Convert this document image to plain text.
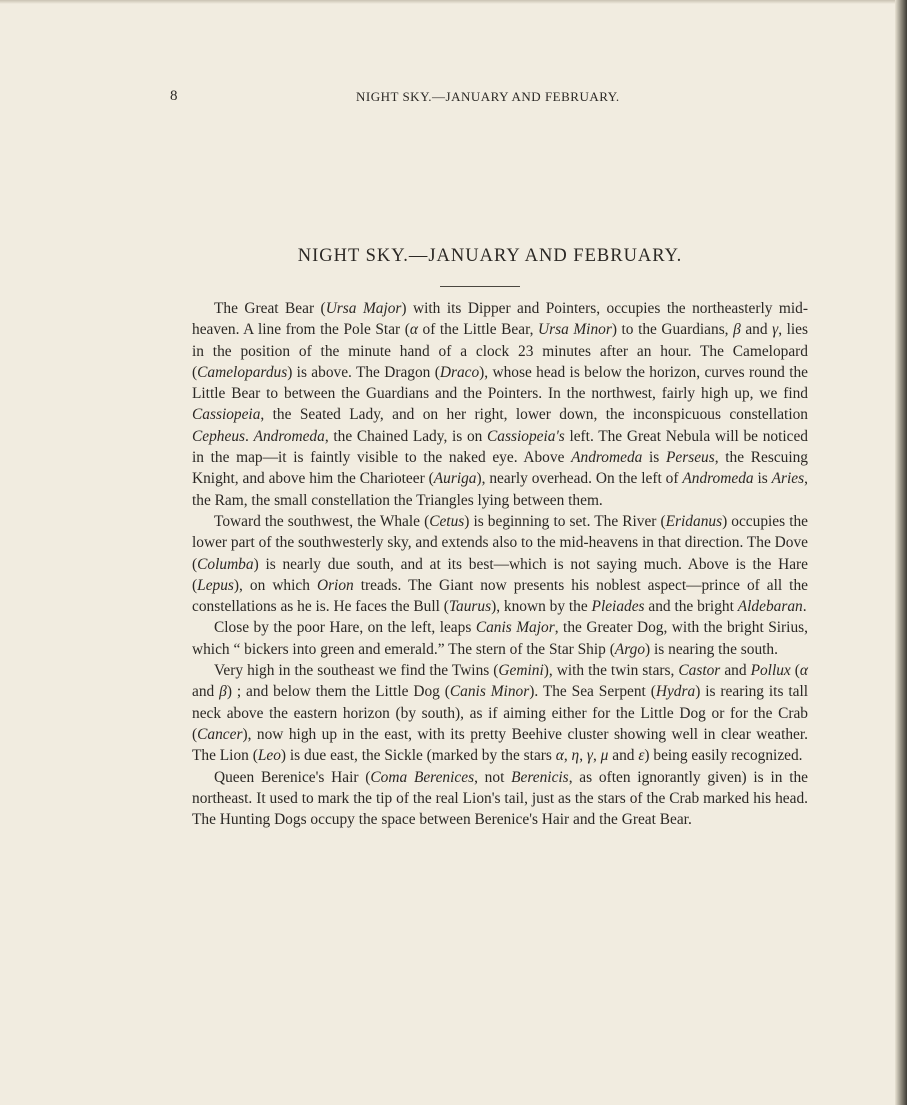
8	NIGHT SKY.—JANUARY AND FEBRUARY.
NIGHT SKY.—JANUARY AND FEBRUARY.

The Great Bear (Ursa Major) with its Dipper and Pointers, occupies the northeasterly mid-heaven. A line from the Pole Star (α of the Little Bear, Ursa Minor) to the Guardians, β and γ, lies in the position of the minute hand of a clock 23 minutes after an hour. The Camelopard (Camelopardus) is above. The Dragon (Draco), whose head is below the horizon, curves round the Little Bear to between the Guardians and the Pointers. In the northwest, fairly high up, we find Cassiopeia, the Seated Lady, and on her right, lower down, the inconspicuous constellation Cepheus. Andromeda, the Chained Lady, is on Cassiopeia's left. The Great Nebula will be noticed in the map—it is faintly visible to the naked eye. Above Andromeda is Perseus, the Rescuing Knight, and above him the Charioteer (Auriga), nearly overhead. On the left of Andromeda is Aries, the Ram, the small constellation the Triangles lying between them.

Toward the southwest, the Whale (Cetus) is beginning to set. The River (Eridanus) occupies the lower part of the southwesterly sky, and extends also to the mid-heavens in that direction. The Dove (Columba) is nearly due south, and at its best—which is not saying much. Above is the Hare (Lepus), on which Orion treads. The Giant now presents his noblest aspect—prince of all the constellations as he is. He faces the Bull (Taurus), known by the Pleiades and the bright Aldebaran.

Close by the poor Hare, on the left, leaps Canis Major, the Greater Dog, with the bright Sirius, which “ bickers into green and emerald.” The stern of the Star Ship (Argo) is nearing the south.

Very high in the southeast we find the Twins (Gemini), with the twin stars, Castor and Pollux (α and β) ; and below them the Little Dog (Canis Minor). The Sea Serpent (Hydra) is rearing its tall neck above the eastern horizon (by south), as if aiming either for the Little Dog or for the Crab (Cancer), now high up in the east, with its pretty Beehive cluster showing well in clear weather. The Lion (Leo) is due east, the Sickle (marked by the stars α, η, γ, μ and ε) being easily recognized.

Queen Berenice's Hair (Coma Berenices, not Berenicis, as often ignorantly given) is in the northeast. It used to mark the tip of the real Lion's tail, just as the stars of the Crab marked his head. The Hunting Dogs occupy the space between Berenice's Hair and the Great Bear.
